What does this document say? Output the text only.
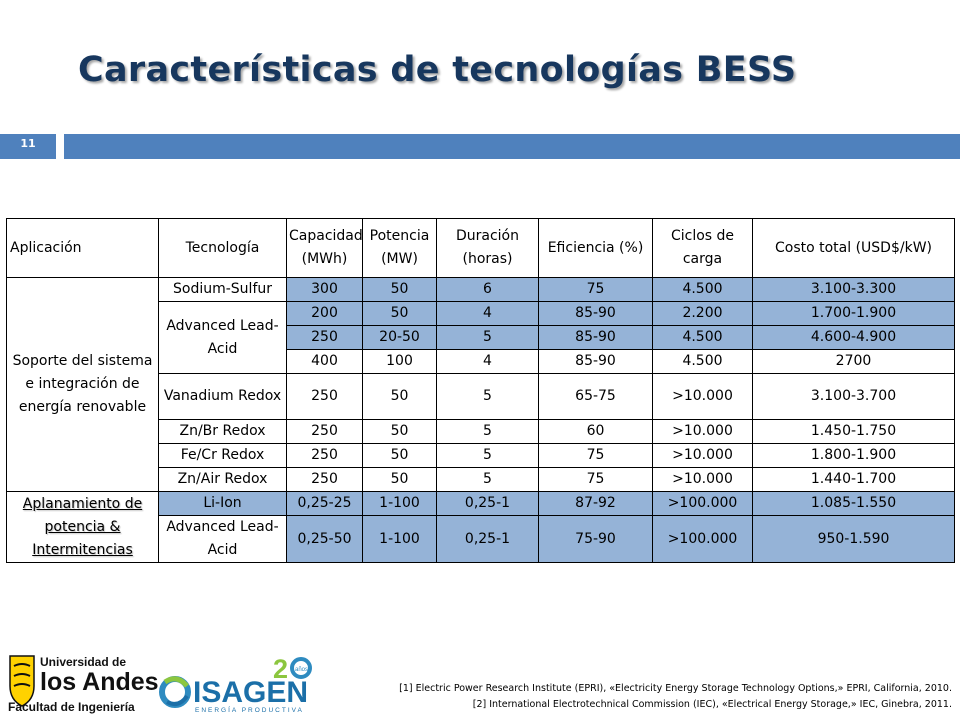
Características de tecnologías BESS
11
Aplicación	Tecnología	Capacidad (MWh)	Potencia (MW)	Duración (horas)	Eficiencia (%)	Ciclos de carga	Costo total (USD$/kW)
Soporte del sistema e integración de energía renovable	Sodium-Sulfur	300	50	6	75	4.500	3.100-3.300
	Advanced Lead-Acid	200	50	4	85-90	2.200	1.700-1.900
		250	20-50	5	85-90	4.500	4.600-4.900
		400	100	4	85-90	4.500	2700
	Vanadium Redox	250	50	5	65-75	>10.000	3.100-3.700
	Zn/Br Redox	250	50	5	60	>10.000	1.450-1.750
	Fe/Cr Redox	250	50	5	75	>10.000	1.800-1.900
	Zn/Air Redox	250	50	5	75	>10.000	1.440-1.700
Aplanamiento de potencia & Intermitencias	Li-Ion	0,25-25	1-100	0,25-1	87-92	>100.000	1.085-1.550
	Advanced Lead-Acid	0,25-50	1-100	0,25-1	75-90	>100.000	950-1.590
Universidad de
los Andes
Facultad de Ingeniería
2 años
ISAGEN
ENERGÍA PRODUCTIVA
[1] Electric Power Research Institute (EPRI), «Electricity Energy Storage Technology Options,» EPRI, California, 2010.
[2] International Electrotechnical Commission (IEC), «Electrical Energy Storage,» IEC, Ginebra, 2011.
